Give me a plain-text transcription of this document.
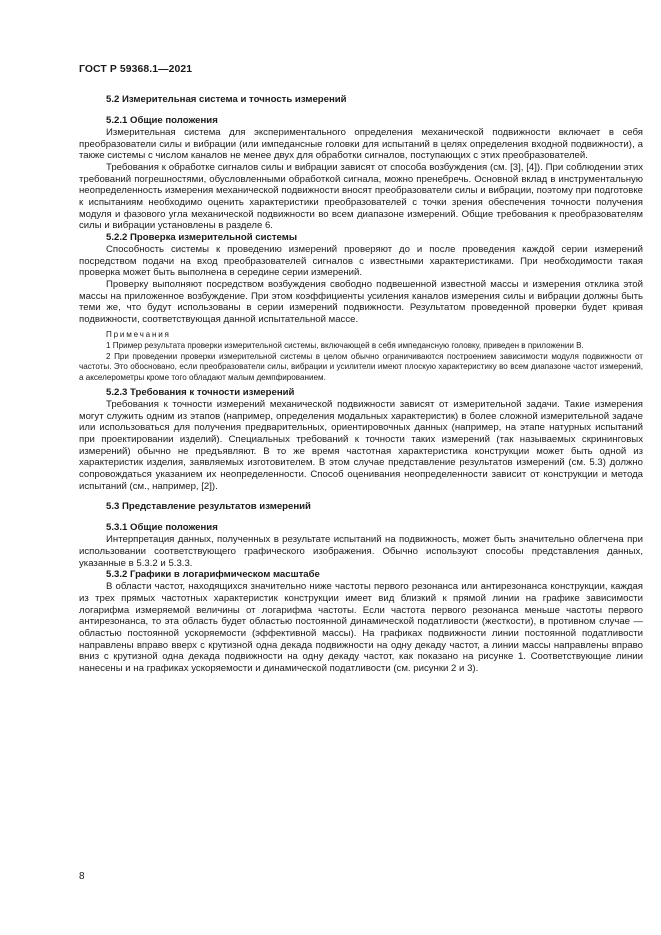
ГОСТ Р 59368.1—2021
5.2 Измерительная система и точность измерений
5.2.1 Общие положения

Измерительная система для экспериментального определения механической подвижности включает в себя преобразователи силы и вибрации (или импедансные головки для испытаний в целях определения входной подвижности), а также системы с числом каналов не менее двух для обработки сигналов, поступающих с этих преобразователей.

Требования к обработке сигналов силы и вибрации зависят от способа возбуждения (см. [3], [4]). При соблюдении этих требований погрешностями, обусловленными обработкой сигнала, можно пренебречь. Основной вклад в инструментальную неопределенность измерения механической подвижности вносят преобразователи силы и вибрации, поэтому при подготовке к испытаниям необходимо оценить характеристики преобразователей с точки зрения обеспечения точности получения модуля и фазового угла механической подвижности во всем диапазоне измерений. Общие требования к преобразователям силы и вибрации установлены в разделе 6.

5.2.2 Проверка измерительной системы

Способность системы к проведению измерений проверяют до и после проведения каждой серии измерений посредством подачи на вход преобразователей сигналов с известными характеристиками. При необходимости такая проверка может быть выполнена в середине серии измерений.

Проверку выполняют посредством возбуждения свободно подвешенной известной массы и измерения отклика этой массы на приложенное возбуждение. При этом коэффициенты усиления каналов измерения силы и вибрации должны быть теми же, что будут использованы в серии измерений подвижности. Результатом проведенной проверки будет кривая подвижности, соответствующая данной испытательной массе.

Примечания

1 Пример результата проверки измерительной системы, включающей в себя импедансную головку, приведен в приложении В.

2 При проведении проверки измерительной системы в целом обычно ограничиваются построением зависимости модуля подвижности от частоты. Это обосновано, если преобразователи силы, вибрации и усилители имеют плоскую характеристику во всем диапазоне частот измерений, а акселерометры кроме того обладают малым демпфированием.

5.2.3 Требования к точности измерений

Требования к точности измерений механической подвижности зависят от измерительной задачи. Такие измерения могут служить одним из этапов (например, определения модальных характеристик) в более сложной измерительной задаче или использоваться для получения предварительных, ориентировочных данных (например, на этапе натурных испытаний при проектировании изделий). Специальных требований к точности таких измерений (так называемых скрининговых измерений) обычно не предъявляют. В то же время частотная характеристика конструкции может быть одной из характеристик изделия, заявляемых изготовителем. В этом случае представление результатов измерений (см. 5.3) должно сопровождаться указанием их неопределенности. Способ оценивания неопределенности зависит от конструкции и метода испытаний (см., например, [2]).

5.3 Представление результатов измерений
5.3.1 Общие положения

Интерпретация данных, полученных в результате испытаний на подвижность, может быть значительно облегчена при использовании соответствующего графического изображения. Обычно используют способы представления данных, указанные в 5.3.2 и 5.3.3.

5.3.2 Графики в логарифмическом масштабе

В области частот, находящихся значительно ниже частоты первого резонанса или антирезонанса конструкции, каждая из трех прямых частотных характеристик конструкции имеет вид близкий к прямой линии на графике зависимости логарифма измеряемой величины от логарифма частоты. Если частота первого резонанса меньше частоты первого антирезонанса, то эта область будет областью постоянной динамической податливости (жесткости), в противном случае — областью постоянной ускоряемости (эффективной массы). На графиках подвижности линии постоянной податливости направлены вправо вверх с крутизной одна декада подвижности на одну декаду частот, а линии массы направлены вправо вниз с крутизной одна декада подвижности на одну декаду частот, как показано на рисунке 1. Соответствующие линии нанесены и на графиках ускоряемости и динамической податливости (см. рисунки 2 и 3).

8
